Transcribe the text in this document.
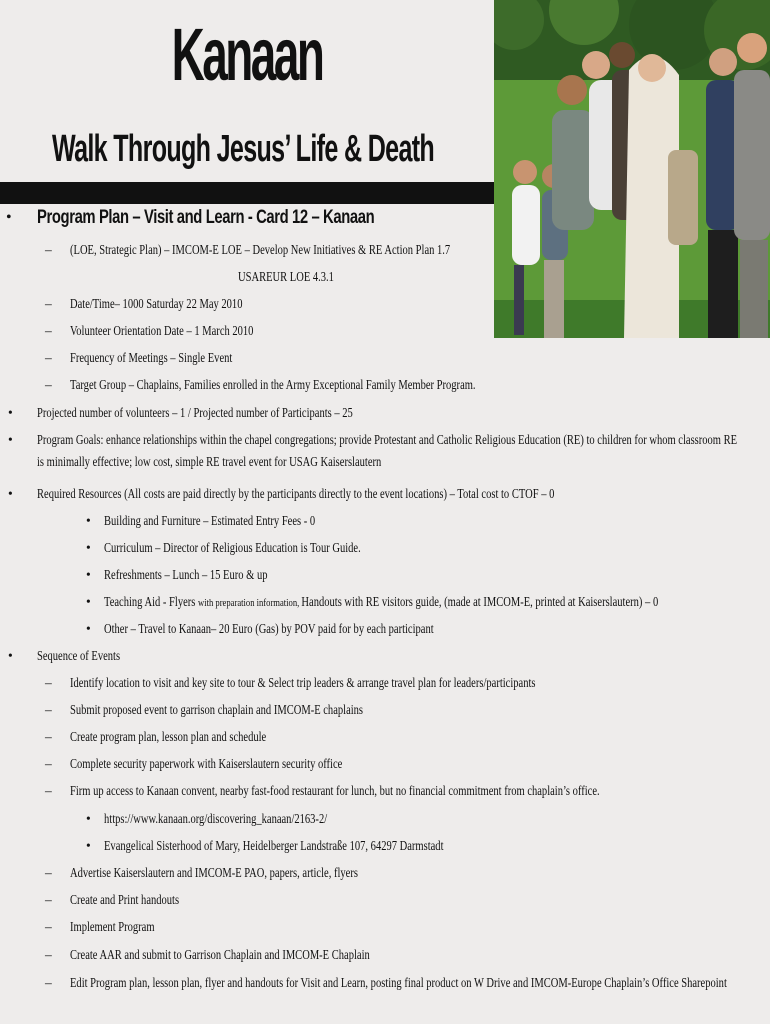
Kanaan
Walk Through Jesus’ Life & Death
• Program Plan – Visit and Learn - Card 12 – Kanaan
– (LOE, Strategic Plan) – IMCOM-E LOE – Develop New Initiatives & RE Action Plan 1.7
USAREUR LOE 4.3.1
– Date/Time– 1000 Saturday 22 May 2010
– Volunteer Orientation Date – 1 March 2010
– Frequency of Meetings – Single Event
– Target Group – Chaplains, Families enrolled in the Army Exceptional Family Member Program.
• Projected number of volunteers – 1 / Projected number of Participants – 25
• Program Goals: enhance relationships within the chapel congregations; provide Protestant and Catholic Religious Education (RE) to children for whom classroom RE is minimally effective; low cost, simple RE travel event for USAG Kaiserslautern
• Required Resources (All costs are paid directly by the participants directly to the event locations) – Total cost to CTOF – 0
• Building and Furniture – Estimated Entry Fees - 0
• Curriculum – Director of Religious Education is Tour Guide.
• Refreshments – Lunch – 15 Euro & up
• Teaching Aid - Flyers with preparation information, Handouts with RE visitors guide, (made at IMCOM-E, printed at Kaiserslautern) – 0
• Other – Travel to Kanaan– 20 Euro (Gas) by POV paid for by each participant
• Sequence of Events
– Identify location to visit and key site to tour & Select trip leaders & arrange travel plan for leaders/participants
– Submit proposed event to garrison chaplain and IMCOM-E chaplains
– Create program plan, lesson plan and schedule
– Complete security paperwork with Kaiserslautern security office
– Firm up access to Kanaan convent, nearby fast-food restaurant for lunch, but no financial commitment from chaplain’s office.
• https://www.kanaan.org/discovering_kanaan/2163-2/
• Evangelical Sisterhood of Mary, Heidelberger Landstraße 107, 64297 Darmstadt
– Advertise Kaiserslautern and IMCOM-E PAO, papers, article, flyers
– Create and Print handouts
– Implement Program
– Create AAR and submit to Garrison Chaplain and IMCOM-E Chaplain
– Edit Program plan, lesson plan, flyer and handouts for Visit and Learn, posting final product on W Drive and IMCOM-Europe Chaplain’s Office Sharepoint
